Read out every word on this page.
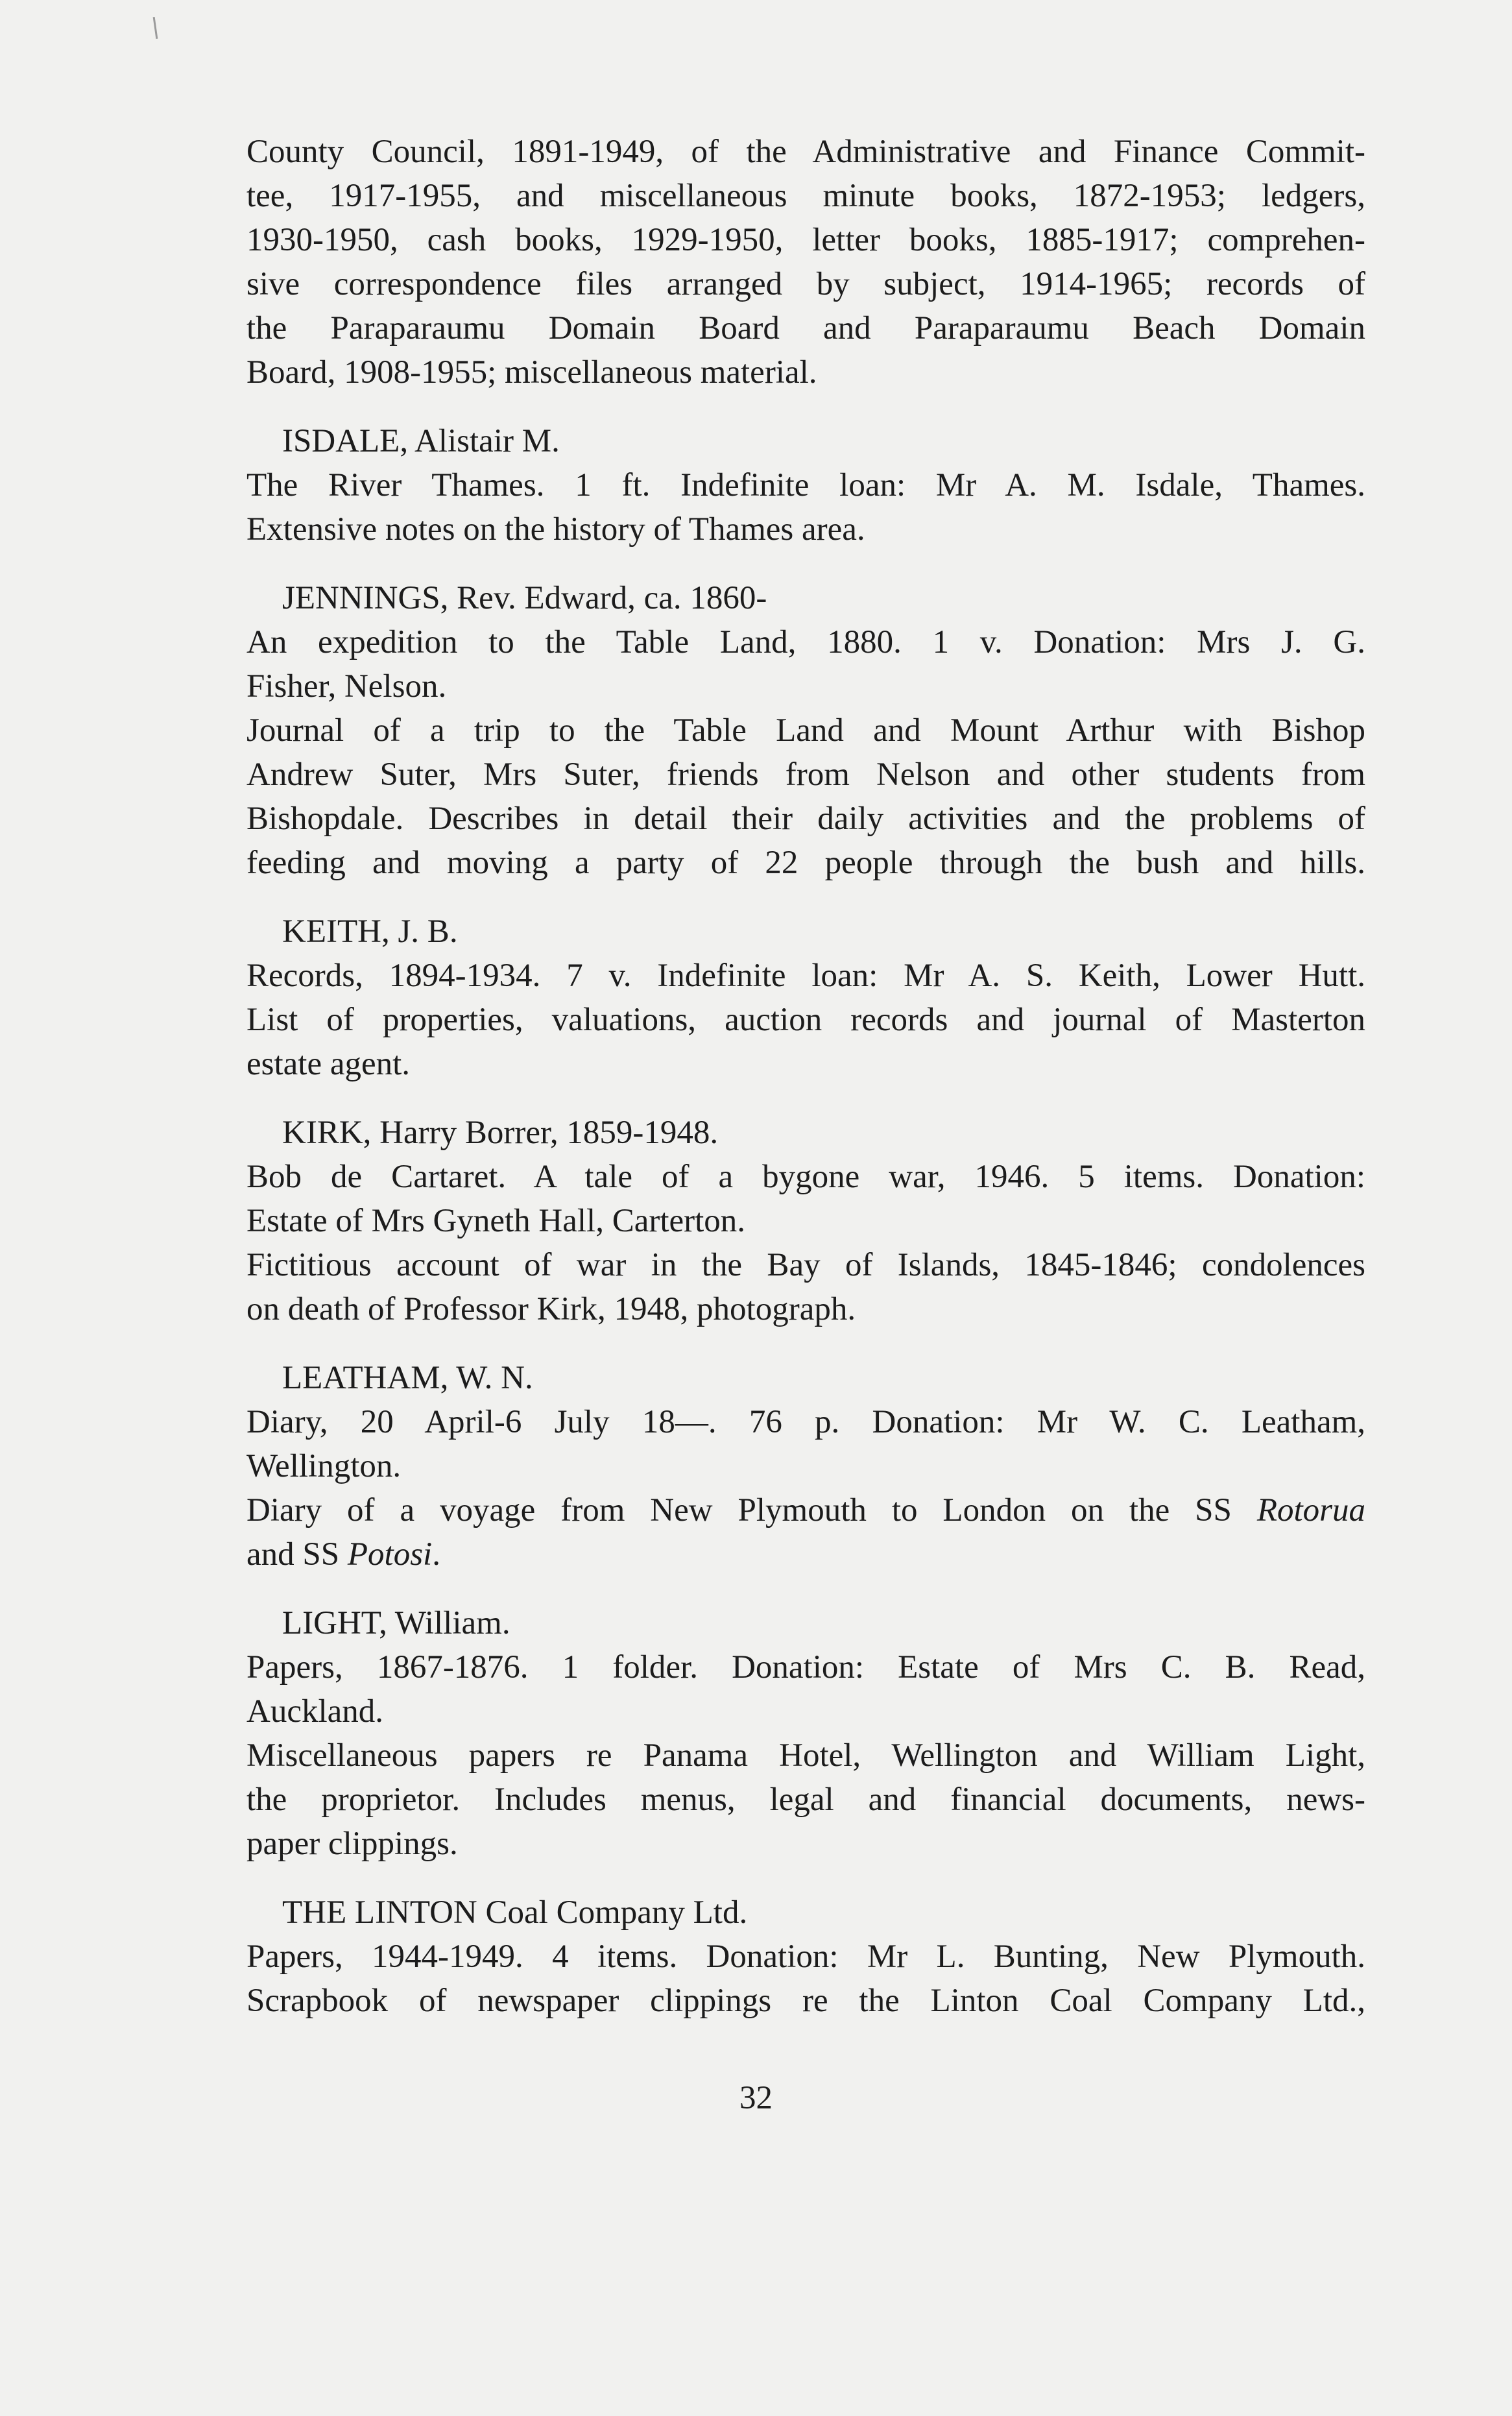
County Council, 1891-1949, of the Administrative and Finance Commit-
tee, 1917-1955, and miscellaneous minute books, 1872-1953; ledgers,
1930-1950, cash books, 1929-1950, letter books, 1885-1917; comprehen-
sive correspondence files arranged by subject, 1914-1965; records of
the Paraparaumu Domain Board and Paraparaumu Beach Domain
Board, 1908-1955; miscellaneous material.
ISDALE, Alistair M.
The River Thames. 1 ft. Indefinite loan: Mr A. M. Isdale, Thames.
Extensive notes on the history of Thames area.
JENNINGS, Rev. Edward, ca. 1860-
An expedition to the Table Land, 1880. 1 v. Donation: Mrs J. G.
Fisher, Nelson.
Journal of a trip to the Table Land and Mount Arthur with Bishop
Andrew Suter, Mrs Suter, friends from Nelson and other students from
Bishopdale. Describes in detail their daily activities and the problems of
feeding and moving a party of 22 people through the bush and hills.
KEITH, J. B.
Records, 1894-1934. 7 v. Indefinite loan: Mr A. S. Keith, Lower Hutt.
List of properties, valuations, auction records and journal of Masterton
estate agent.
KIRK, Harry Borrer, 1859-1948.
Bob de Cartaret. A tale of a bygone war, 1946. 5 items. Donation:
Estate of Mrs Gyneth Hall, Carterton.
Fictitious account of war in the Bay of Islands, 1845-1846; condolences
on death of Professor Kirk, 1948, photograph.
LEATHAM, W. N.
Diary, 20 April-6 July 18—. 76 p. Donation: Mr W. C. Leatham,
Wellington.
Diary of a voyage from New Plymouth to London on the SS Rotorua
and SS Potosi.
LIGHT, William.
Papers, 1867-1876. 1 folder. Donation: Estate of Mrs C. B. Read,
Auckland.
Miscellaneous papers re Panama Hotel, Wellington and William Light,
the proprietor. Includes menus, legal and financial documents, news-
paper clippings.
THE LINTON Coal Company Ltd.
Papers, 1944-1949. 4 items. Donation: Mr L. Bunting, New Plymouth.
Scrapbook of newspaper clippings re the Linton Coal Company Ltd.,
32
